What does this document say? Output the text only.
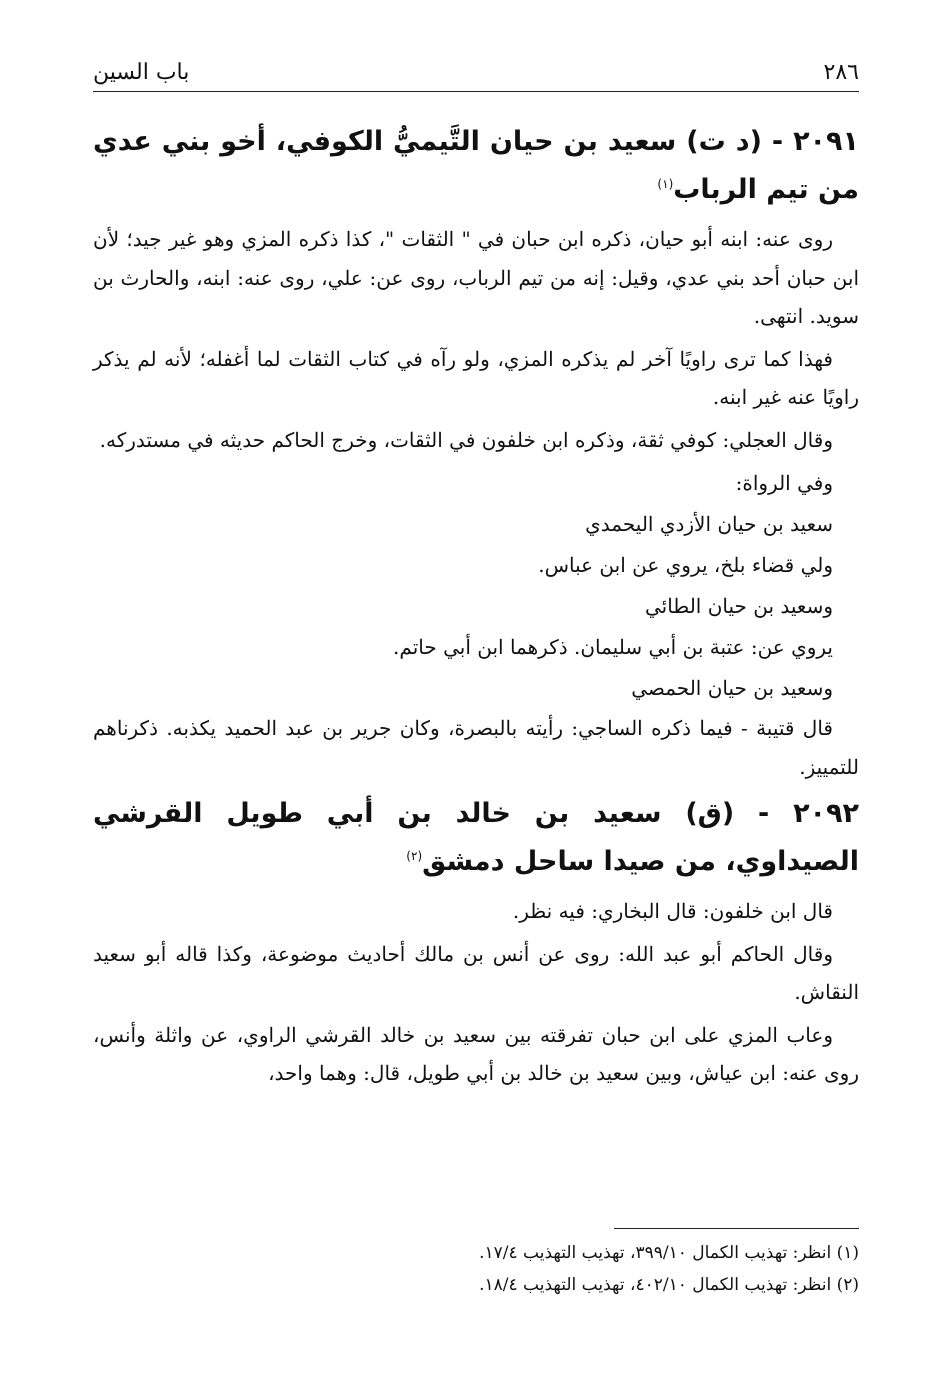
٢٨٦
باب السين
٢٠٩١ - (د ت) سعيد بن حيان التَّيميُّ الكوفي، أخو بني عدي من تيم الرباب$^{(١)}$

روى عنه: ابنه أبو حيان، ذكره ابن حبان في " الثقات "، كذا ذكره المزي وهو غير جيد؛ لأن ابن حبان أحد بني عدي، وقيل: إنه من تيم الرباب، روى عن: علي، روى عنه: ابنه، والحارث بن سويد. انتهى.

فهذا كما ترى راويًا آخر لم يذكره المزي، ولو رآه في كتاب الثقات لما أغفله؛ لأنه لم يذكر راويًا عنه غير ابنه.

وقال العجلي: كوفي ثقة، وذكره ابن خلفون في الثقات، وخرج الحاكم حديثه في مستدركه.

وفي الرواة:

سعيد بن حيان الأزدي اليحمدي

ولي قضاء بلخ، يروي عن ابن عباس.

وسعيد بن حيان الطائي

يروي عن: عتبة بن أبي سليمان. ذكرهما ابن أبي حاتم.

وسعيد بن حيان الحمصي

قال قتيبة - فيما ذكره الساجي: رأيته بالبصرة، وكان جرير بن عبد الحميد يكذبه. ذكرناهم للتمييز.

٢٠٩٢ - (ق) سعيد بن خالد بن أبي طويل القرشي الصيداوي، من صيدا ساحل دمشق$^{(٢)}$

قال ابن خلفون: قال البخاري: فيه نظر.

وقال الحاكم أبو عبد الله: روى عن أنس بن مالك أحاديث موضوعة، وكذا قاله أبو سعيد النقاش.

وعاب المزي على ابن حبان تفرقته بين سعيد بن خالد القرشي الراوي، عن واثلة وأنس، روى عنه: ابن عياش، وبين سعيد بن خالد بن أبي طويل، قال: وهما واحد،

(١) انظر: تهذيب الكمال ٣٩٩/١٠، تهذيب التهذيب ١٧/٤.

(٢) انظر: تهذيب الكمال ٤٠٢/١٠، تهذيب التهذيب ١٨/٤.
